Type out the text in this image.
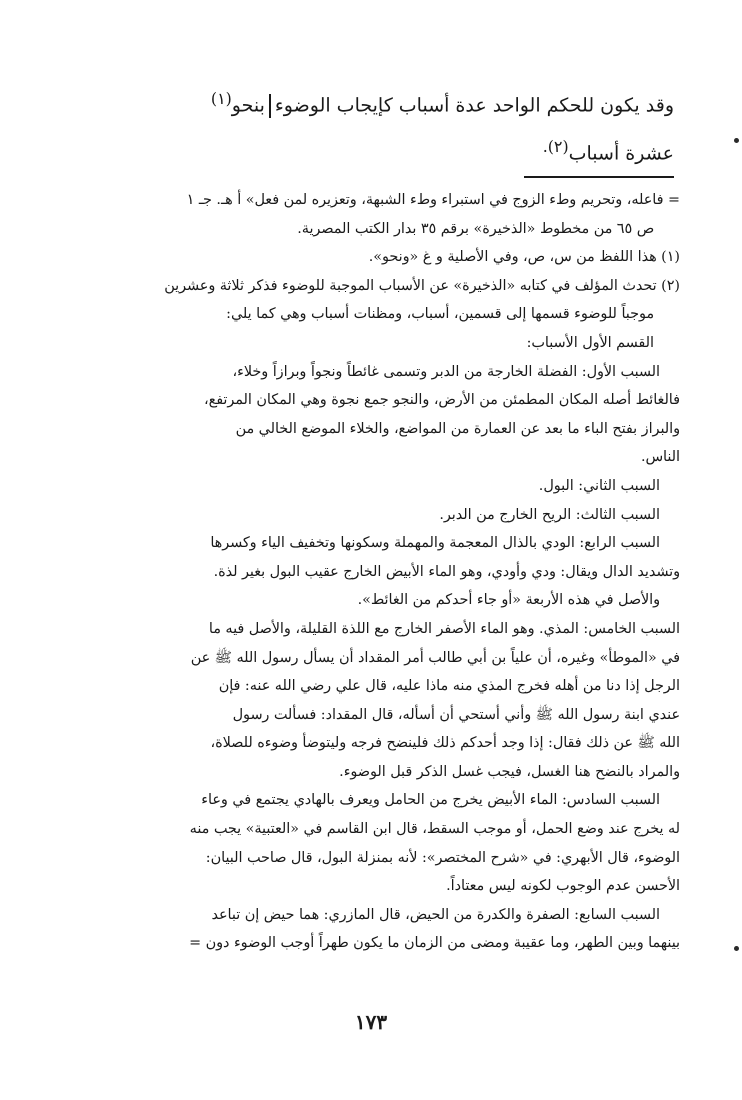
وقد يكون للحكم الواحد عدة أسباب كإيجاب الوضوءبنحو$^{(١)}$

عشرة أسباب$^{(٢).}$

= فاعله، وتحريم وطء الزوج في استبراء وطء الشبهة، وتعزيره لمن فعل» أ هـ. جـ ١

ص ٦٥ من مخطوط «الذخيرة» برقم ٣٥ بدار الكتب المصرية.

(١) هذا اللفظ من س، ص، وفي الأصلية و غ «ونحو».

(٢) تحدث المؤلف في كتابه «الذخيرة» عن الأسباب الموجبة للوضوء فذكر ثلاثة وعشرين

موجباً للوضوء قسمها إلى قسمين، أسباب، ومظنات أسباب وهي كما يلي:

القسم الأول الأسباب:

السبب الأول: الفضلة الخارجة من الدبر وتسمى غائطاً ونجواً وبرازاً وخلاء،

فالغائط أصله المكان المطمئن من الأرض، والنجو جمع نجوة وهي المكان المرتفع،

والبراز بفتح الباء ما بعد عن العمارة من المواضع، والخلاء الموضع الخالي من

الناس.

السبب الثاني: البول.

السبب الثالث: الريح الخارج من الدبر.

السبب الرابع: الودي بالذال المعجمة والمهملة وسكونها وتخفيف الياء وكسرها

وتشديد الدال ويقال: ودي وأودي، وهو الماء الأبيض الخارج عقيب البول بغير لذة.

والأصل في هذه الأربعة «أو جاء أحدكم من الغائط».

السبب الخامس: المذي. وهو الماء الأصفر الخارج مع اللذة القليلة، والأصل فيه ما

في «الموطأ» وغيره، أن علياً بن أبي طالب أمر المقداد أن يسأل رسول الله ﷺ عن

الرجل إذا دنا من أهله فخرج المذي منه ماذا عليه، قال علي رضي الله عنه: فإن

عندي ابنة رسول الله ﷺ وأني أستحي أن أسأله، قال المقداد: فسألت رسول

الله ﷺ عن ذلك فقال: إذا وجد أحدكم ذلك فلينضح فرجه وليتوضأ وضوءه للصلاة،

والمراد بالنضح هنا الغسل، فيجب غسل الذكر قبل الوضوء.

السبب السادس: الماء الأبيض يخرج من الحامل ويعرف بالهادي يجتمع في وعاء

له يخرج عند وضع الحمل، أو موجب السقط، قال ابن القاسم في «العتبية» يجب منه

الوضوء، قال الأبهري: في «شرح المختصر»: لأنه بمنزلة البول، قال صاحب البيان:

الأحسن عدم الوجوب لكونه ليس معتاداً.

السبب السابع: الصفرة والكدرة من الحيض، قال المازري: هما حيض إن تباعد

بينهما وبين الطهر، وما عقيبة ومضى من الزمان ما يكون طهراً أوجب الوضوء دون =

١٧٣
